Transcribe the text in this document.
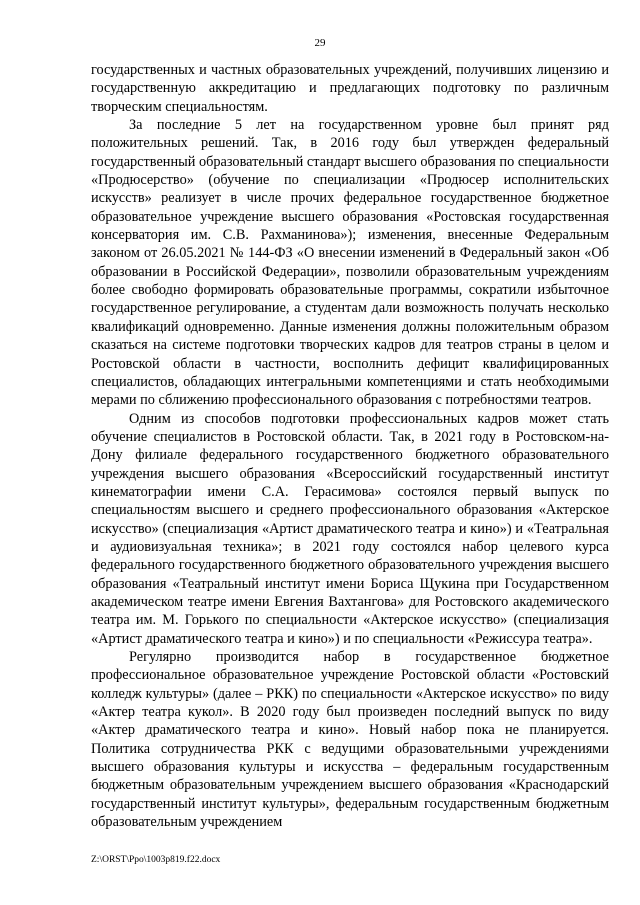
29

государственных и частных образовательных учреждений, получивших лицензию и государственную аккредитацию и предлагающих подготовку по различным творческим специальностям.

За последние 5 лет на государственном уровне был принят ряд положительных решений. Так, в 2016 году был утвержден федеральный государственный образовательный стандарт высшего образования по специальности «Продюсерство» (обучение по специализации «Продюсер исполнительских искусств» реализует в числе прочих федеральное государственное бюджетное образовательное учреждение высшего образования «Ростовская государственная консерватория им. С.В. Рахманинова»); изменения, внесенные Федеральным законом от 26.05.2021 № 144-ФЗ «О внесении изменений в Федеральный закон «Об образовании в Российской Федерации», позволили образовательным учреждениям более свободно формировать образовательные программы, сократили избыточное государственное регулирование, а студентам дали возможность получать несколько квалификаций одновременно. Данные изменения должны положительным образом сказаться на системе подготовки творческих кадров для театров страны в целом и Ростовской области в частности, восполнить дефицит квалифицированных специалистов, обладающих интегральными компетенциями и стать необходимыми мерами по сближению профессионального образования с потребностями театров.

Одним из способов подготовки профессиональных кадров может стать обучение специалистов в Ростовской области. Так, в 2021 году в Ростовском-на-Дону филиале федерального государственного бюджетного образовательного учреждения высшего образования «Всероссийский государственный институт кинематографии имени С.А. Герасимова» состоялся первый выпуск по специальностям высшего и среднего профессионального образования «Актерское искусство» (специализация «Артист драматического театра и кино») и «Театральная и аудиовизуальная техника»; в 2021 году состоялся набор целевого курса федерального государственного бюджетного образовательного учреждения высшего образования «Театральный институт имени Бориса Щукина при Государственном академическом театре имени Евгения Вахтангова» для Ростовского академического театра им. М. Горького по специальности «Актерское искусство» (специализация «Артист драматического театра и кино») и по специальности «Режиссура театра».

Регулярно производится набор в государственное бюджетное профессиональное образовательное учреждение Ростовской области «Ростовский колледж культуры» (далее – РКК) по специальности «Актерское искусство» по виду «Актер театра кукол». В 2020 году был произведен последний выпуск по виду «Актер драматического театра и кино». Новый набор пока не планируется. Политика сотрудничества РКК с ведущими образовательными учреждениями высшего образования культуры и искусства – федеральным государственным бюджетным образовательным учреждением высшего образования «Краснодарский государственный институт культуры», федеральным государственным бюджетным образовательным учреждением

Z:\ORST\Ppo\1003p819.f22.docx
